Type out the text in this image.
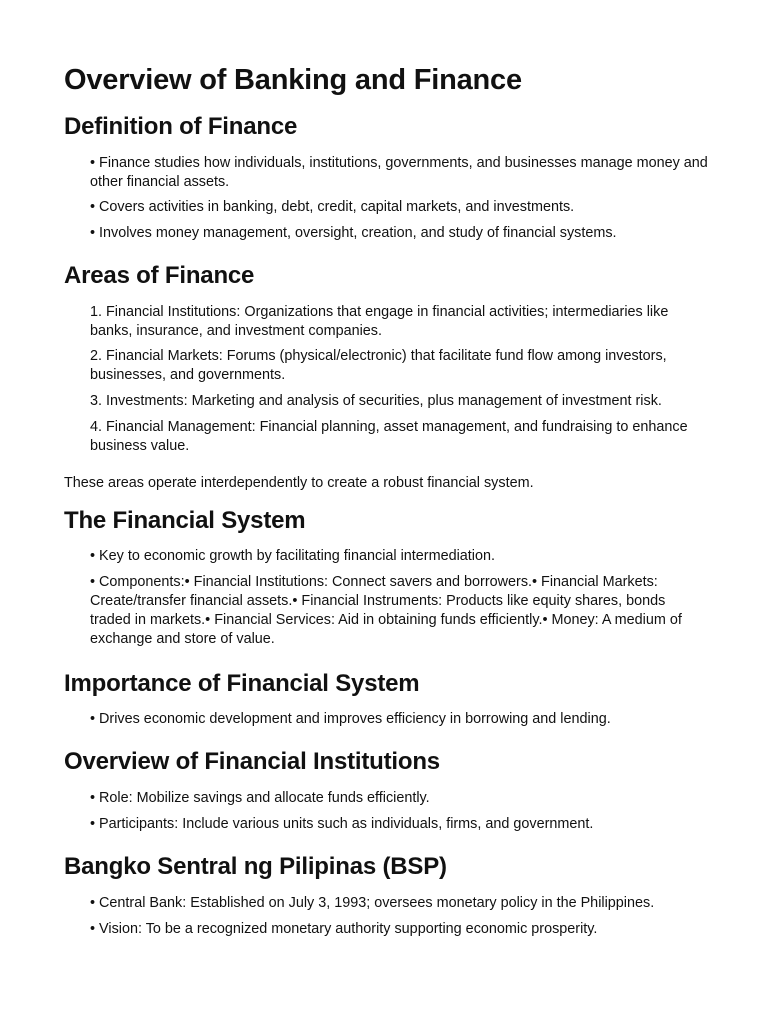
Overview of Banking and Finance
Definition of Finance

• Finance studies how individuals, institutions, governments, and businesses manage money and other financial assets.

• Covers activities in banking, debt, credit, capital markets, and investments.

• Involves money management, oversight, creation, and study of financial systems.

Areas of Finance

1. Financial Institutions: Organizations that engage in financial activities; intermediaries like banks, insurance, and investment companies.

2. Financial Markets: Forums (physical/electronic) that facilitate fund flow among investors, businesses, and governments.

3. Investments: Marketing and analysis of securities, plus management of investment risk.

4. Financial Management: Financial planning, asset management, and fundraising to enhance business value.

These areas operate interdependently to create a robust financial system.

The Financial System

• Key to economic growth by facilitating financial intermediation.

• Components:• Financial Institutions: Connect savers and borrowers.• Financial Markets: Create/transfer financial assets.• Financial Instruments: Products like equity shares, bonds traded in markets.• Financial Services: Aid in obtaining funds efficiently.• Money: A medium of exchange and store of value.

Importance of Financial System

• Drives economic development and improves efficiency in borrowing and lending.

Overview of Financial Institutions

• Role: Mobilize savings and allocate funds efficiently.

• Participants: Include various units such as individuals, firms, and government.

Bangko Sentral ng Pilipinas (BSP)

• Central Bank: Established on July 3, 1993; oversees monetary policy in the Philippines.

• Vision: To be a recognized monetary authority supporting economic prosperity.
